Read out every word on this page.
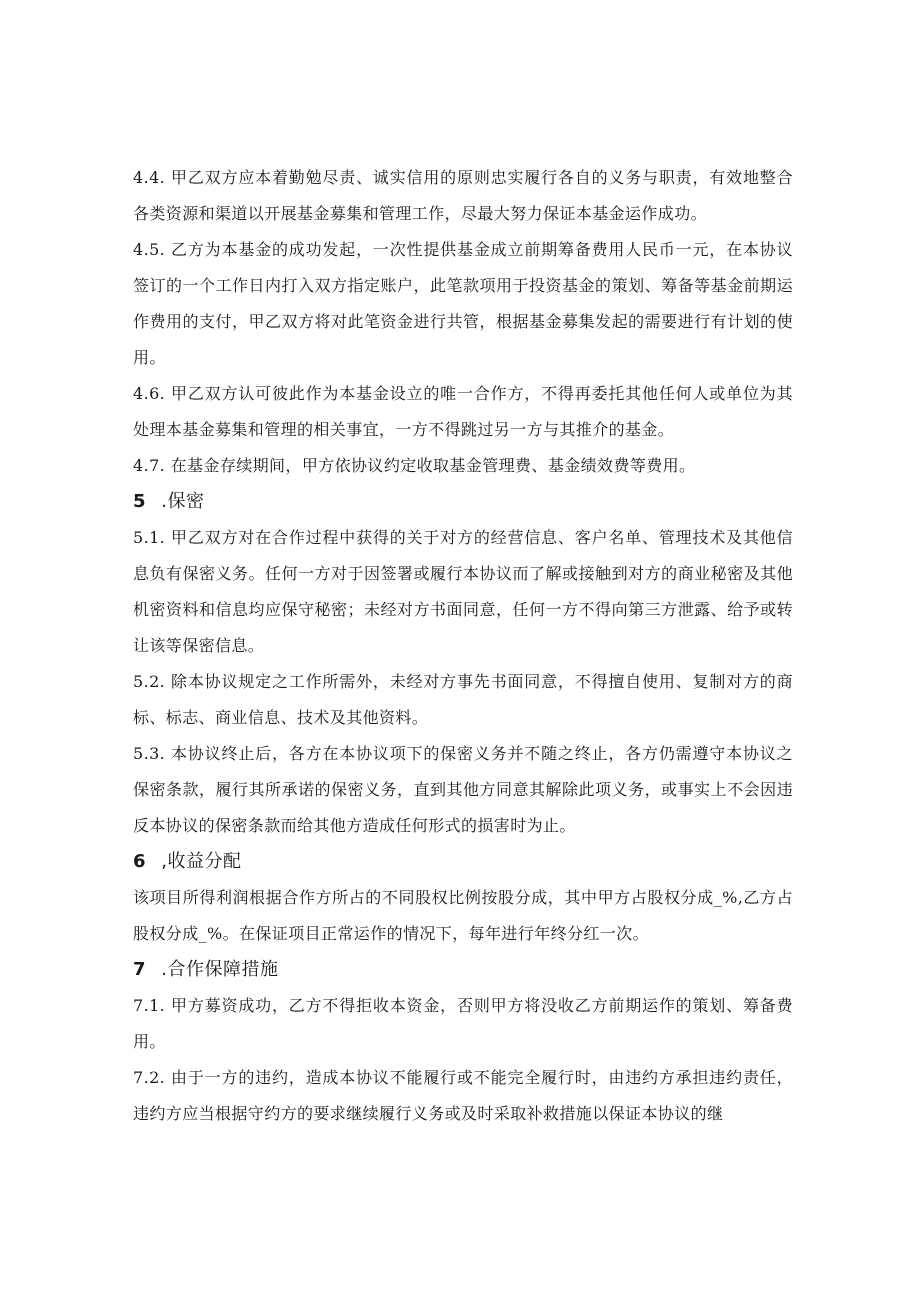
4.4. 甲乙双方应本着勤勉尽责、诚实信用的原则忠实履行各自的义务与职责，有效地整合各类资源和渠道以开展基金募集和管理工作，尽最大努力保证本基金运作成功。

4.5. 乙方为本基金的成功发起，一次性提供基金成立前期筹备费用人民币一元，在本协议签订的一个工作日内打入双方指定账户，此笔款项用于投资基金的策划、筹备等基金前期运作费用的支付，甲乙双方将对此笔资金进行共管，根据基金募集发起的需要进行有计划的使用。

4.6. 甲乙双方认可彼此作为本基金设立的唯一合作方，不得再委托其他任何人或单位为其处理本基金募集和管理的相关事宜，一方不得跳过另一方与其推介的基金。

4.7. 在基金存续期间，甲方依协议约定收取基金管理费、基金绩效费等费用。

5 .保密

5.1. 甲乙双方对在合作过程中获得的关于对方的经营信息、客户名单、管理技术及其他信息负有保密义务。任何一方对于因签署或履行本协议而了解或接触到对方的商业秘密及其他机密资料和信息均应保守秘密；未经对方书面同意，任何一方不得向第三方泄露、给予或转让该等保密信息。

5.2. 除本协议规定之工作所需外，未经对方事先书面同意，不得擅自使用、复制对方的商标、标志、商业信息、技术及其他资料。

5.3. 本协议终止后，各方在本协议项下的保密义务并不随之终止，各方仍需遵守本协议之保密条款，履行其所承诺的保密义务，直到其他方同意其解除此项义务，或事实上不会因违反本协议的保密条款而给其他方造成任何形式的损害时为止。

6 ,收益分配

该项目所得利润根据合作方所占的不同股权比例按股分成，其中甲方占股权分成_%,乙方占股权分成_%。在保证项目正常运作的情况下，每年进行年终分红一次。

7 .合作保障措施

7.1. 甲方募资成功，乙方不得拒收本资金，否则甲方将没收乙方前期运作的策划、筹备费用。

7.2. 由于一方的违约，造成本协议不能履行或不能完全履行时，由违约方承担违约责任，违约方应当根据守约方的要求继续履行义务或及时采取补救措施以保证本协议的继
